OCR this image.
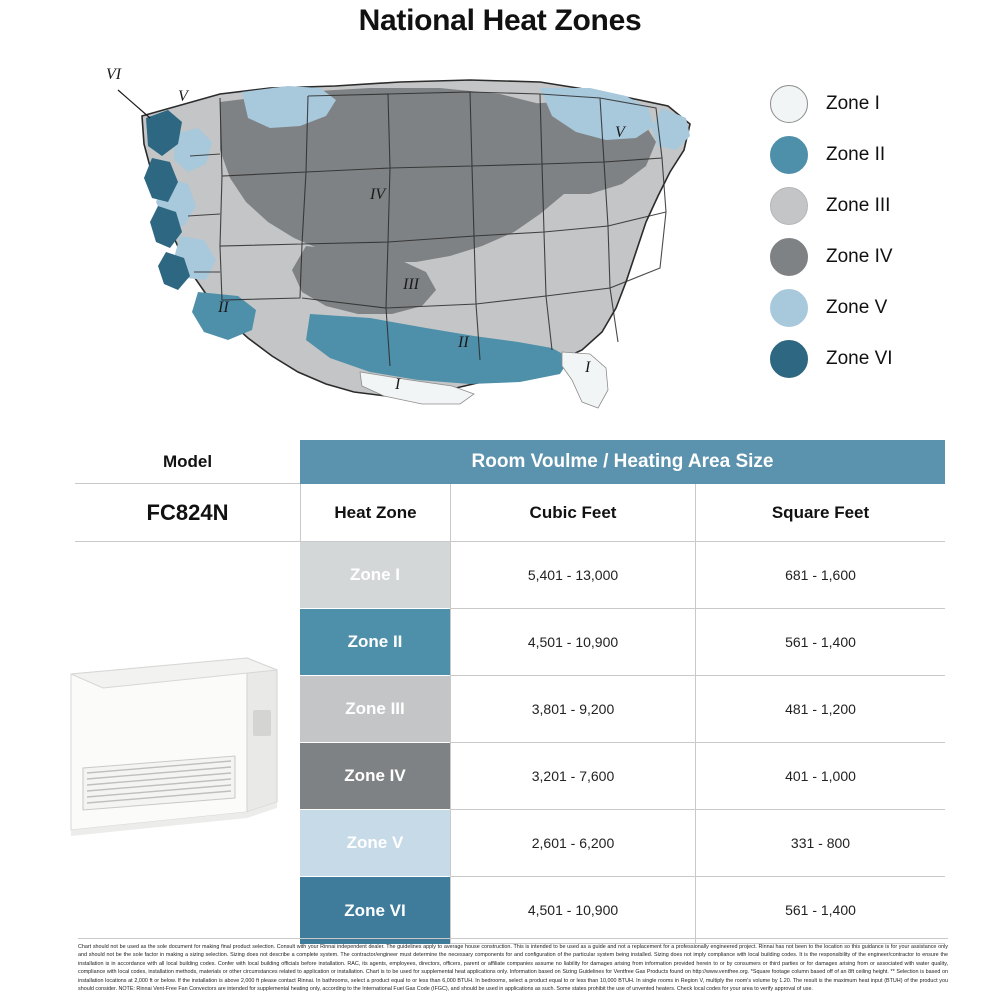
National Heat Zones
VI
V
V
IV
III
II
II
I
I
Zone I
Zone II
Zone III
Zone IV
Zone V
Zone VI
Model	Room Voulme / Heating Area Size
FC824N	Heat Zone	Cubic Feet	Square Feet
Zone I	5,401 - 13,000	681 - 1,600
Zone II	4,501 - 10,900	561 - 1,400
Zone III	3,801 - 9,200	481 - 1,200
Zone IV	3,201 - 7,600	401 - 1,000
Zone V	2,601 - 6,200	331 - 800
Zone VI	4,501 - 10,900	561 - 1,400
Chart should not be used as the sole document for making final product selection. Consult with your Rinnai independent dealer. The guidelines apply to average house construction. This is intended to be used as a guide and not a replacement for a professionally engineered project. Rinnai has not been to the location so this guidance is for your assistance only and should not be the sole factor in making a sizing selection. Sizing does not describe a complete system. The contractor/engineer must determine the necessary components for and configuration of the particular system being installed. Sizing does not imply compliance with local building codes. It is the responsibility of the engineer/contractor to ensure the installation is in accordance with all local building codes. Confer with local building officials before installation. RAC, its agents, employees, directors, officers, parent or affiliate companies assume no liability for damages arising from information provided herein to or by consumers or third parties or for damages arising from or associated with water quality, compliance with local codes, installation methods, materials or other circumstances related to application or installation. Chart is to be used for supplemental heat applications only. Information based on Sizing Guidelines for Ventfree Gas Products found on http://www.ventfree.org. *Square footage column based off of an 8ft ceiling height. ** Selection is based on installation locations at 2,000 ft or below. If the installation is above 2,000 ft please contact Rinnai. In bathrooms, select a product equal to or less than 6,000 BTUH. In bedrooms, select a product equal to or less than 10,000 BTUH. In single rooms in Region V, multiply the room's volume by 1.20. The result is the maximum heat input (BTUH) of the product you should consider. NOTE: Rinnai Vent-Free Fan Convectors are intended for supplemental heating only, according to the International Fuel Gas Code (IFGC), and should be used in applications as such. Some states prohibit the use of unvented heaters. Check local codes for your area to verify approval of use.
